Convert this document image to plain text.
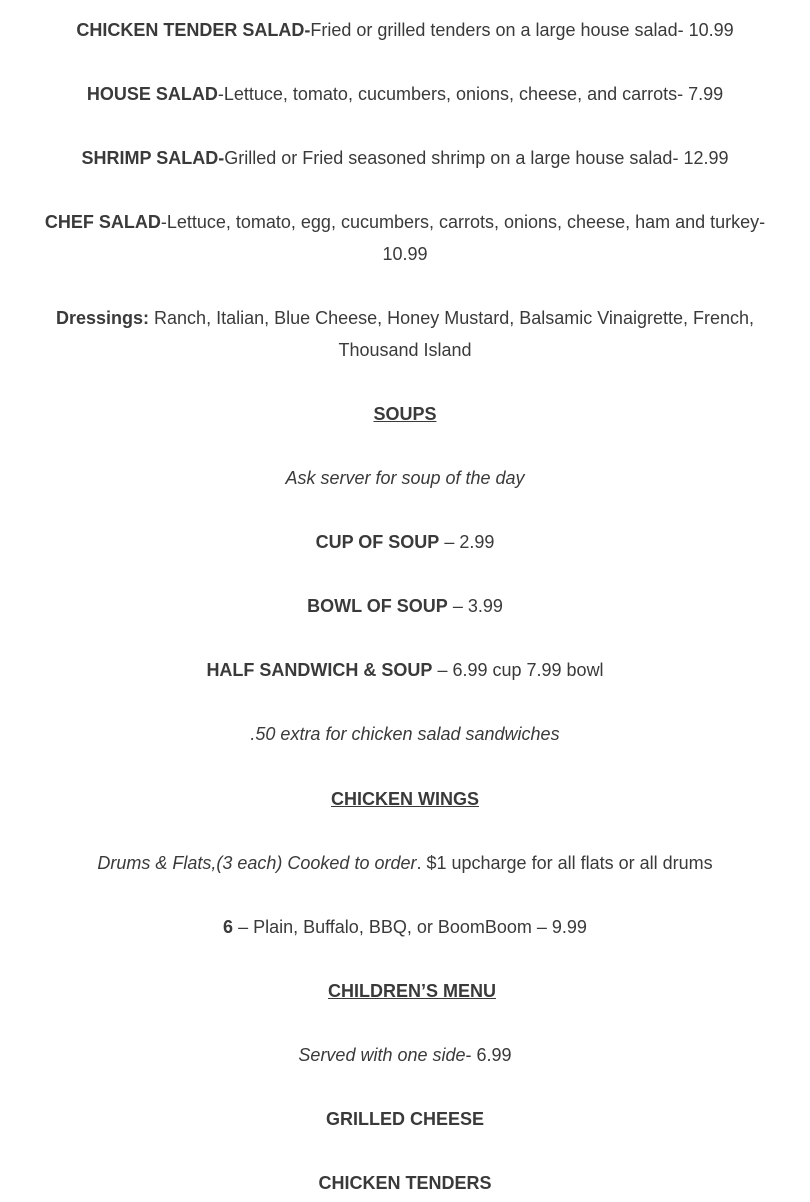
CHICKEN TENDER SALAD-Fried or grilled tenders on a large house salad- 10.99
HOUSE SALAD-Lettuce, tomato, cucumbers, onions, cheese, and carrots- 7.99
SHRIMP SALAD-Grilled or Fried seasoned shrimp on a large house salad- 12.99
CHEF SALAD-Lettuce, tomato, egg, cucumbers, carrots, onions, cheese, ham and turkey- 10.99
Dressings: Ranch, Italian, Blue Cheese, Honey Mustard, Balsamic Vinaigrette, French, Thousand Island
SOUPS
Ask server for soup of the day
CUP OF SOUP – 2.99
BOWL OF SOUP – 3.99
HALF SANDWICH & SOUP – 6.99 cup 7.99 bowl
.50 extra for chicken salad sandwiches
CHICKEN WINGS
Drums & Flats,(3 each) Cooked to order. $1 upcharge for all flats or all drums
6 – Plain, Buffalo, BBQ, or BoomBoom – 9.99
CHILDREN’S MENU
Served with one side- 6.99
GRILLED CHEESE
CHICKEN TENDERS
